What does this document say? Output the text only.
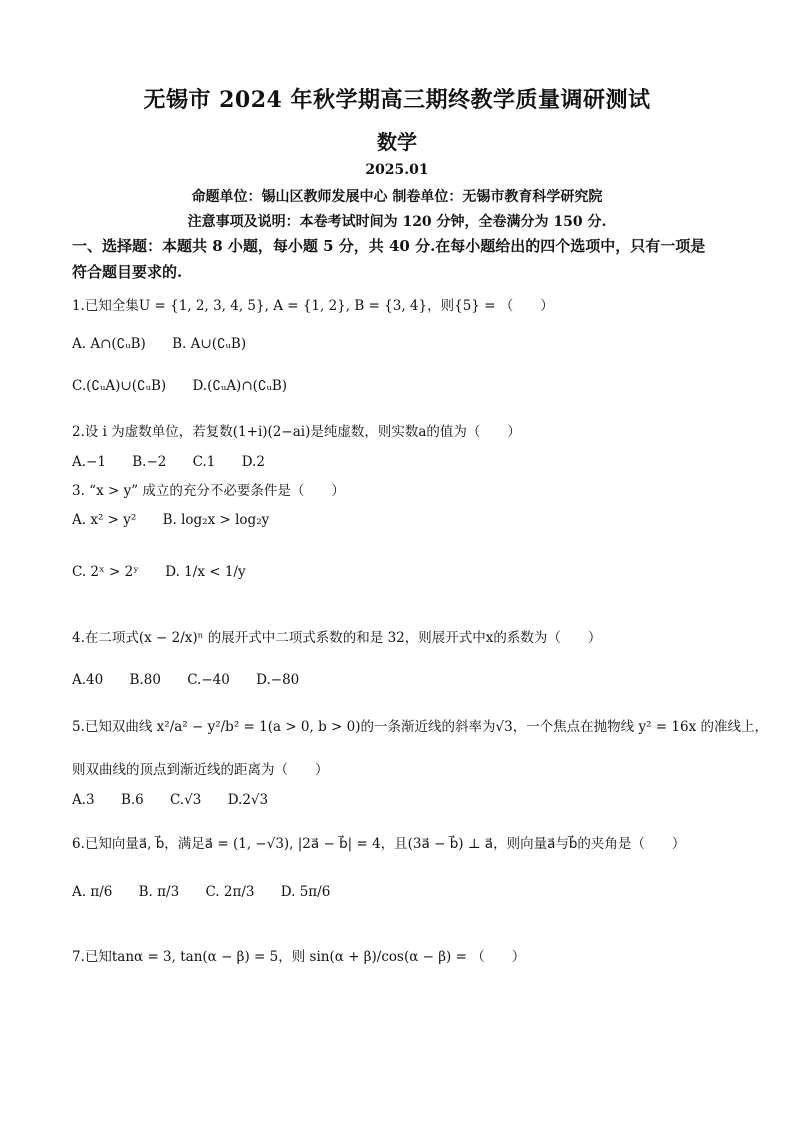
无锡市 2024 年秋学期高三期终教学质量调研测试
数学
2025.01
命题单位：锡山区教师发展中心 制卷单位：无锡市教育科学研究院
注意事项及说明：本卷考试时间为 120 分钟，全卷满分为 150 分.
一、选择题：本题共 8 小题，每小题 5 分，共 40 分.在每小题给出的四个选项中，只有一项是
符合题目要求的.
1.已知全集U = {1, 2, 3, 4, 5}, A = {1, 2}, B = {3, 4}，则{5} = （　　）
A. A∩(∁ᵤB) B. A∪(∁ᵤB)
C.(∁ᵤA)∪(∁ᵤB) D.(∁ᵤA)∩(∁ᵤB)
2.设 i 为虚数单位，若复数(1+i)(2−ai)是纯虚数，则实数a的值为（　　）
A.−1 B.−2 C.1 D.2
3. “x > y” 成立的充分不必要条件是（　　）
A. x² > y² B. log₂x > log₂y
C. 2ˣ > 2ʸ D. 1/x < 1/y
4.在二项式(x − 2/x)ⁿ 的展开式中二项式系数的和是 32，则展开式中x的系数为（　　）
A.40 B.80 C.−40 D.−80
5.已知双曲线 x²/a² − y²/b² = 1(a > 0, b > 0)的一条渐近线的斜率为√3，一个焦点在抛物线 y² = 16x 的准线上，
则双曲线的顶点到渐近线的距离为（　　）
A.3 B.6 C.√3 D.2√3
6.已知向量a⃗, b⃗，满足a⃗ = (1, −√3), |2a⃗ − b⃗| = 4，且(3a⃗ − b⃗) ⊥ a⃗，则向量a⃗与b⃗的夹角是（　　）
A. π/6 B. π/3 C. 2π/3 D. 5π/6
7.已知tanα = 3, tan(α − β) = 5，则 sin(α + β)/cos(α − β) = （　　）
